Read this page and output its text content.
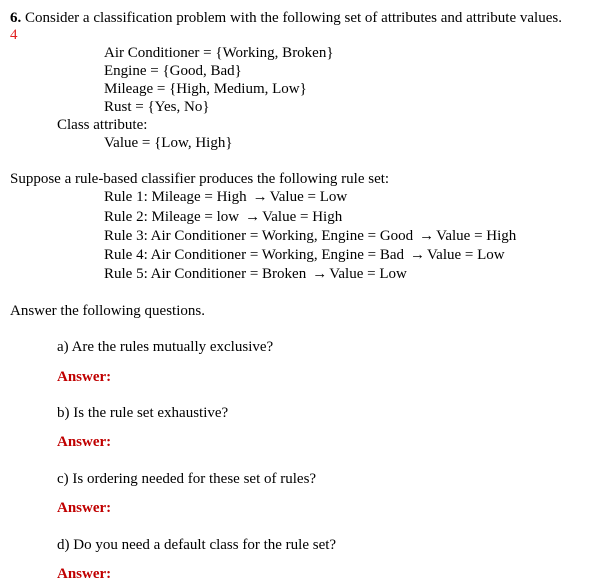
6. Consider a classification problem with the following set of attributes and attribute values.
4
Air Conditioner = {Working, Broken}
Engine = {Good, Bad}
Mileage = {High, Medium, Low}
Rust = {Yes, No}
Class attribute:
Value = {Low, High}
Suppose a rule-based classifier produces the following rule set:
Rule 1: Mileage = High → Value = Low
Rule 2: Mileage = low → Value = High
Rule 3: Air Conditioner = Working, Engine = Good → Value = High
Rule 4: Air Conditioner = Working, Engine = Bad → Value = Low
Rule 5: Air Conditioner = Broken → Value = Low
Answer the following questions.
a) Are the rules mutually exclusive?
Answer:
b) Is the rule set exhaustive?
Answer:
c) Is ordering needed for these set of rules?
Answer:
d) Do you need a default class for the rule set?
Answer:
